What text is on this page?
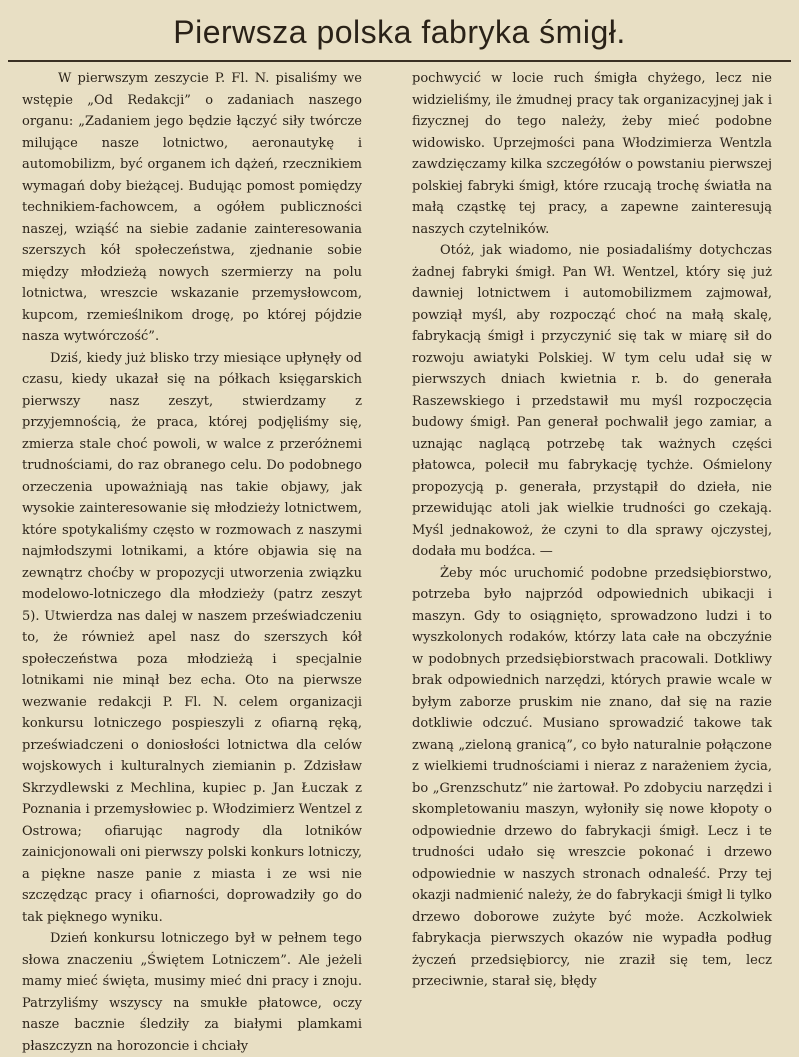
Pierwsza polska fabryka śmigł.

W pierwszym zeszycie P. Fl. N. pisaliśmy we wstępie „Od Redakcji” o zadaniach naszego organu: „Zadaniem jego będzie łączyć siły twórcze milujące nasze lotnictwo, aeronautykę i automobilizm, być organem ich dążeń, rzecznikiem wymagań doby bieżącej. Budując pomost pomiędzy technikiem-fachowcem, a ogółem publiczności naszej, wziąść na siebie zadanie zainteresowania szerszych kół społeczeństwa, zjednanie sobie między młodzieżą nowych szermierzy na polu lotnictwa, wreszcie wskazanie przemysłowcom, kupcom, rzemieślnikom drogę, po której pójdzie nasza wytwórczość”.

Dziś, kiedy już blisko trzy miesiące upłynęły od czasu, kiedy ukazał się na półkach księgarskich pierwszy nasz zeszyt, stwierdzamy z przyjemnością, że praca, której podjęliśmy się, zmierza stale choć powoli, w walce z przeróżnemi trudnościami, do raz obranego celu. Do podobnego orzeczenia upoważniają nas takie objawy, jak wysokie zainteresowanie się młodzieży lotnictwem, które spotykaliśmy często w rozmowach z naszymi najmłodszymi lotnikami, a które objawia się na zewnątrz choćby w propozycji utworzenia związku modelowo-lotniczego dla młodzieży (patrz zeszyt 5). Utwierdza nas dalej w naszem przeświadczeniu to, że również apel nasz do szerszych kół społeczeństwa poza młodzieżą i specjalnie lotnikami nie minął bez echa. Oto na pierwsze wezwanie redakcji P. Fl. N. celem organizacji konkursu lotniczego pospieszyli z ofiarną ręką, przeświadczeni o doniosłości lotnictwa dla celów wojskowych i kulturalnych ziemianin p. Zdzisław Skrzydlewski z Mechlina, kupiec p. Jan Łuczak z Poznania i przemysłowiec p. Włodzimierz Wentzel z Ostrowa; ofiarując nagrody dla lotników zainicjonowali oni pierwszy polski konkurs lotniczy, a piękne nasze panie z miasta i ze wsi nie szczędząc pracy i ofiarności, doprowadziły go do tak pięknego wyniku.

Dzień konkursu lotniczego był w pełnem tego słowa znaczeniu „Świętem Lotniczem”. Ale jeżeli mamy mieć święta, musimy mieć dni pracy i znoju. Patrzyliśmy wszyscy na smukłe płatowce, oczy nasze bacznie śledziły za białymi plamkami płaszczyzn na horozoncie i chciały

pochwycić w locie ruch śmigła chyżego, lecz nie widzieliśmy, ile żmudnej pracy tak organizacyjnej jak i fizycznej do tego należy, żeby mieć podobne widowisko. Uprzejmości pana Włodzimierza Wentzla zawdzięczamy kilka szczegółów o powstaniu pierwszej polskiej fabryki śmigł, które rzucają trochę światła na małą cząstkę tej pracy, a zapewne zainteresują naszych czytelników.

Otóż, jak wiadomo, nie posiadaliśmy dotychczas żadnej fabryki śmigł. Pan Wł. Wentzel, który się już dawniej lotnictwem i automobilizmem zajmował, powziął myśl, aby rozpocząć choć na małą skalę, fabrykacją śmigł i przyczynić się tak w miarę sił do rozwoju awiatyki Polskiej. W tym celu udał się w pierwszych dniach kwietnia r. b. do generała Raszewskiego i przedstawił mu myśl rozpoczęcia budowy śmigł. Pan generał pochwalił jego zamiar, a uznając naglącą potrzebę tak ważnych części płatowca, polecił mu fabrykację tychże. Ośmielony propozycją p. generała, przystąpił do dzieła, nie przewidując atoli jak wielkie trudności go czekają. Myśl jednakowoż, że czyni to dla sprawy ojczystej, dodała mu bodźca. —

Żeby móc uruchomić podobne przedsiębiorstwo, potrzeba było najprzód odpowiednich ubikacji i maszyn. Gdy to osiągnięto, sprowadzono ludzi i to wyszkolonych rodaków, którzy lata całe na obczyźnie w podobnych przedsiębiorstwach pracowali. Dotkliwy brak odpowiednich narzędzi, których prawie wcale w byłym zaborze pruskim nie znano, dał się na razie dotkliwie odczuć. Musiano sprowadzić takowe tak zwaną „zieloną granicą”, co było naturalnie połączone z wielkiemi trudnościami i nieraz z narażeniem życia, bo „Grenzschutz” nie żartował. Po zdobyciu narzędzi i skompletowaniu maszyn, wyłoniły się nowe kłopoty o odpowiednie drzewo do fabrykacji śmigł. Lecz i te trudności udało się wreszcie pokonać i drzewo odpowiednie w naszych stronach odnaleść. Przy tej okazji nadmienić należy, że do fabrykacji śmigł li tylko drzewo doborowe zużyte być może. Aczkolwiek fabrykacja pierwszych okazów nie wypadła podług życzeń przedsiębiorcy, nie zraził się tem, lecz przeciwnie, starał się, błędy
